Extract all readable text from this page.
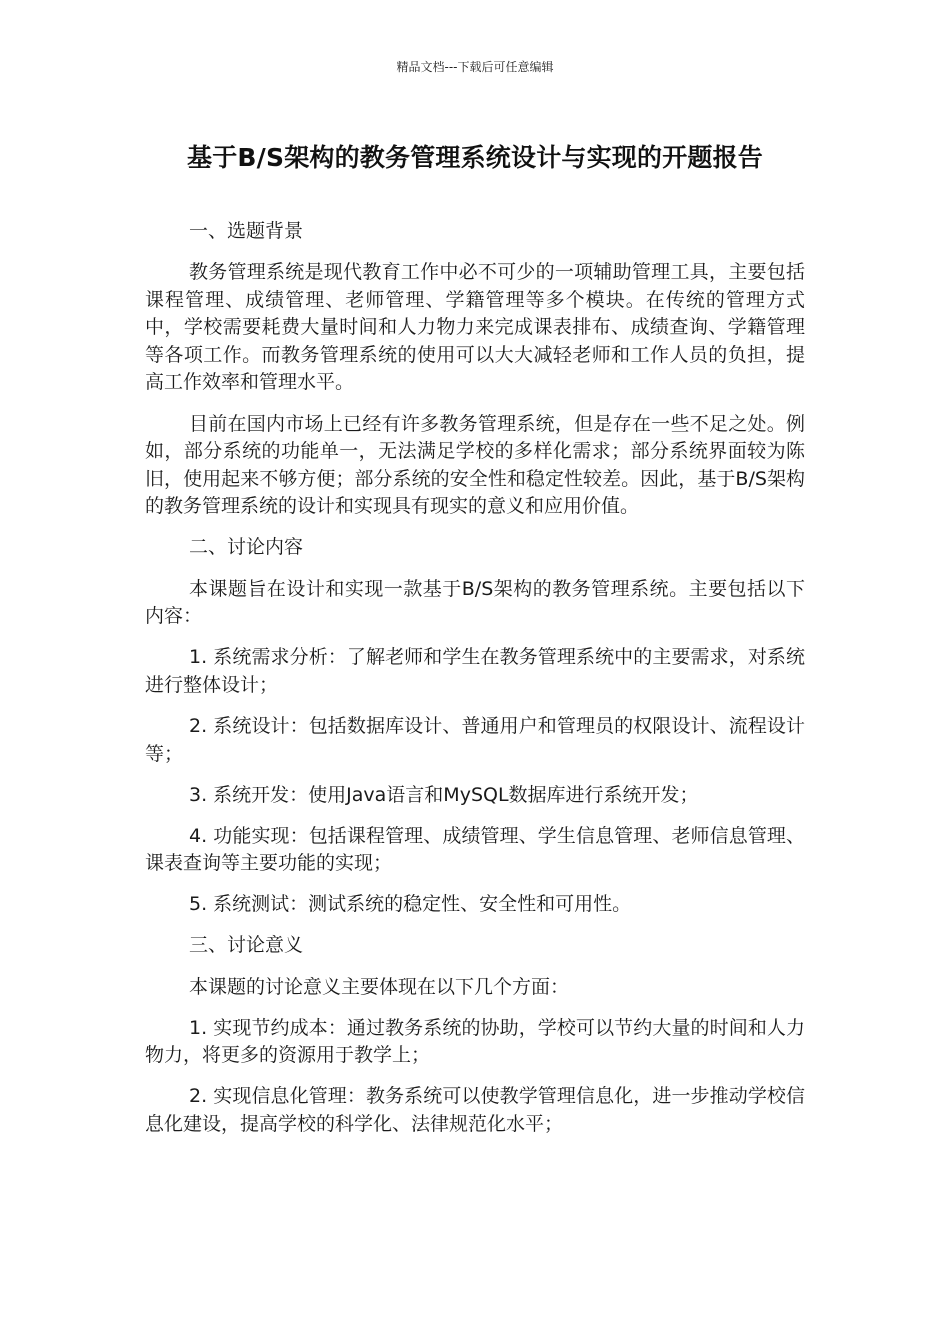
精品文档---下载后可任意编辑
基于B/S架构的教务管理系统设计与实现的开题报告

一、选题背景

教务管理系统是现代教育工作中必不可少的一项辅助管理工具，主要包括课程管理、成绩管理、老师管理、学籍管理等多个模块。在传统的管理方式中，学校需要耗费大量时间和人力物力来完成课表排布、成绩查询、学籍管理等各项工作。而教务管理系统的使用可以大大减轻老师和工作人员的负担，提高工作效率和管理水平。

目前在国内市场上已经有许多教务管理系统，但是存在一些不足之处。例如，部分系统的功能单一，无法满足学校的多样化需求；部分系统界面较为陈旧，使用起来不够方便；部分系统的安全性和稳定性较差。因此，基于B/S架构的教务管理系统的设计和实现具有现实的意义和应用价值。

二、讨论内容

本课题旨在设计和实现一款基于B/S架构的教务管理系统。主要包括以下内容：

1. 系统需求分析：了解老师和学生在教务管理系统中的主要需求，对系统进行整体设计；

2. 系统设计：包括数据库设计、普通用户和管理员的权限设计、流程设计等；

3. 系统开发：使用Java语言和MySQL数据库进行系统开发；

4. 功能实现：包括课程管理、成绩管理、学生信息管理、老师信息管理、课表查询等主要功能的实现；

5. 系统测试：测试系统的稳定性、安全性和可用性。

三、讨论意义

本课题的讨论意义主要体现在以下几个方面：

1. 实现节约成本：通过教务系统的协助，学校可以节约大量的时间和人力物力，将更多的资源用于教学上；

2. 实现信息化管理：教务系统可以使教学管理信息化，进一步推动学校信息化建设，提高学校的科学化、法律规范化水平；
